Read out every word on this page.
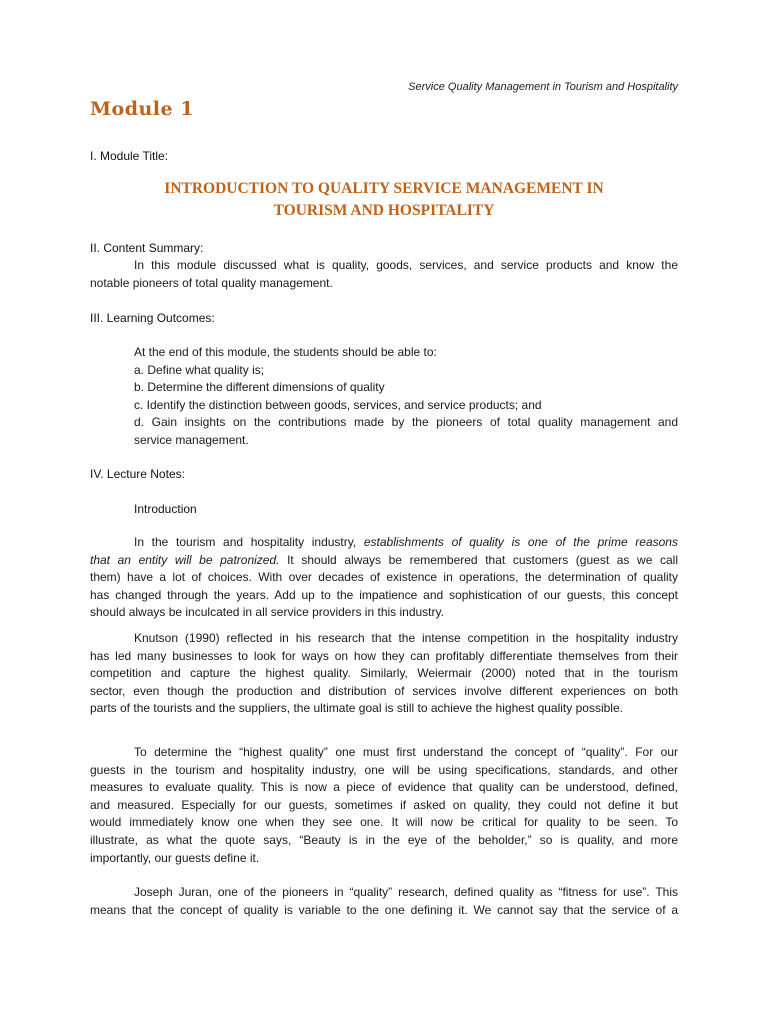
Service Quality Management in Tourism and Hospitality
Module 1
I. Module Title:
INTRODUCTION TO QUALITY SERVICE MANAGEMENT IN
TOURISM AND HOSPITALITY
II. Content Summary:
In this module discussed what is quality, goods, services, and service products and know the
notable pioneers of total quality management.
III. Learning Outcomes:
At the end of this module, the students should be able to:
a. Define what quality is;
b. Determine the different dimensions of quality
c. Identify the distinction between goods, services, and service products; and
d. Gain insights on the contributions made by the pioneers of total quality management and
service management.
IV. Lecture Notes:
Introduction
In the tourism and hospitality industry, establishments of quality is one of the prime reasons
that an entity will be patronized. It should always be remembered that customers (guest as we call
them) have a lot of choices. With over decades of existence in operations, the determination of quality
has changed through the years. Add up to the impatience and sophistication of our guests, this concept
should always be inculcated in all service providers in this industry.
Knutson (1990) reflected in his research that the intense competition in the hospitality industry
has led many businesses to look for ways on how they can profitably differentiate themselves from their
competition and capture the highest quality. Similarly, Weiermair (2000) noted that in the tourism
sector, even though the production and distribution of services involve different experiences on both
parts of the tourists and the suppliers, the ultimate goal is still to achieve the highest quality possible.
To determine the “highest quality” one must first understand the concept of “quality”. For our
guests in the tourism and hospitality industry, one will be using specifications, standards, and other
measures to evaluate quality. This is now a piece of evidence that quality can be understood, defined,
and measured. Especially for our guests, sometimes if asked on quality, they could not define it but
would immediately know one when they see one. It will now be critical for quality to be seen. To
illustrate, as what the quote says, “Beauty is in the eye of the beholder,” so is quality, and more
importantly, our guests define it.
Joseph Juran, one of the pioneers in “quality” research, defined quality as “fitness for use”. This
means that the concept of quality is variable to the one defining it. We cannot say that the service of a
